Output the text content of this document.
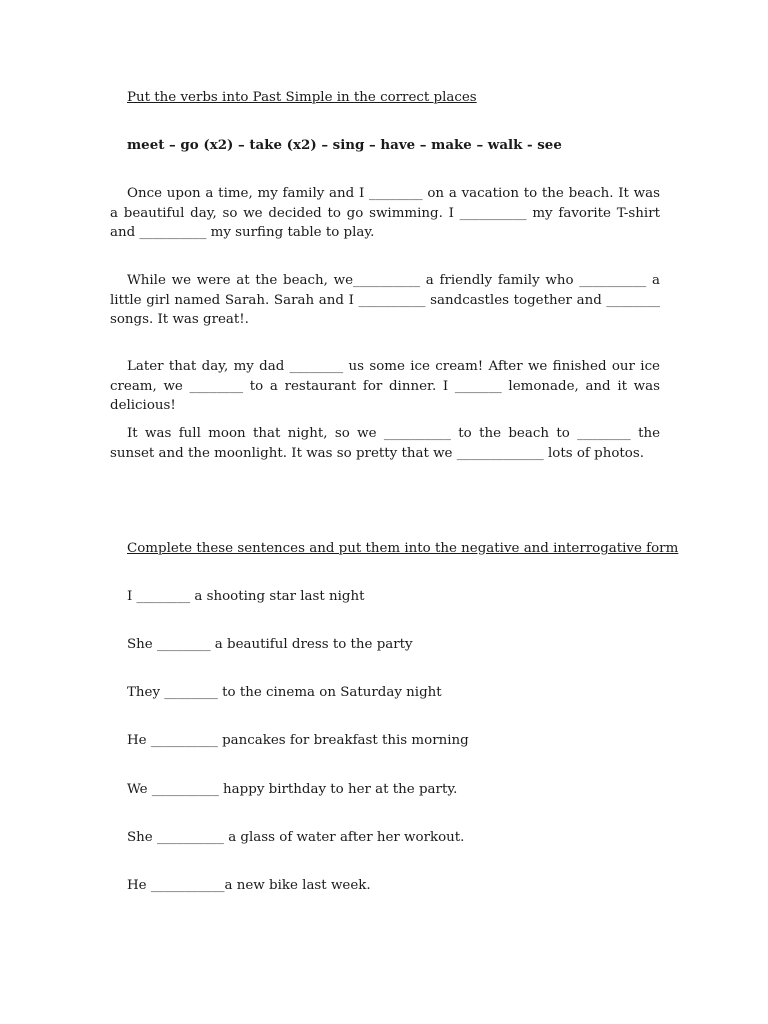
Put the verbs into Past Simple in the correct places
meet – go (x2) – take (x2) – sing – have – make – walk - see
Once upon a time, my family and I ________ on a vacation to the beach. It was a beautiful day, so we decided to go swimming. I __________ my favorite T-shirt and __________ my surfing table to play.
While we were at the beach, we__________ a friendly family who __________ a little girl named Sarah. Sarah and I __________ sandcastles together and ________ songs. It was great!.
Later that day, my dad ________ us some ice cream! After we finished our ice cream, we ________ to a restaurant for dinner. I _______ lemonade, and it was delicious!
It was full moon that night, so we __________ to the beach to ________ the sunset and the moonlight. It was so pretty that we _____________ lots of photos.
Complete these sentences and put them into the negative and interrogative form
I ________ a shooting star last night
She ________ a beautiful dress to the party
They ________ to the cinema on Saturday night
He __________ pancakes for breakfast this morning
We __________ happy birthday to her at the party.
She __________ a glass of water after her workout.
He ___________a new bike last week.
